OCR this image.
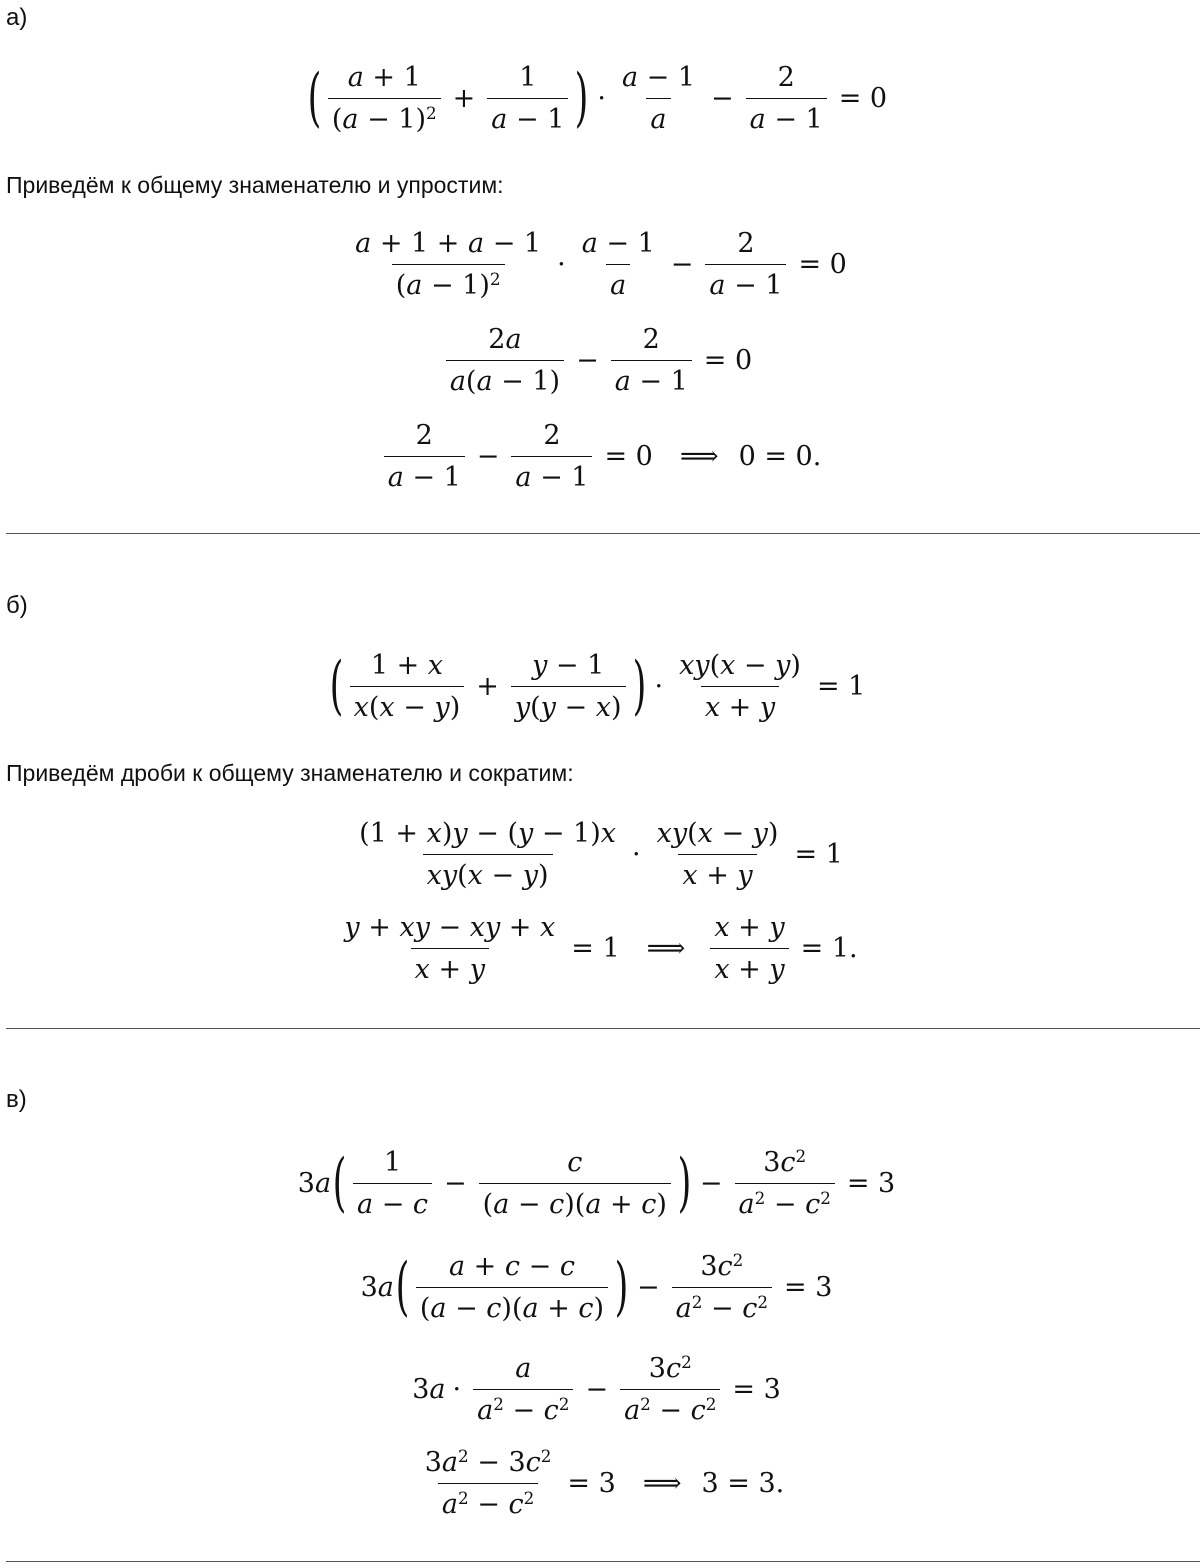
а)
( $\frac{a + 1}{(a - 1)^2} + \frac{1}{a - 1}$ ) · $\frac{a - 1}{a} - \frac{2}{a - 1} = 0$

Приведём к общему знаменателю и упростим:

$\frac{a + 1 + a - 1}{(a - 1)^2} \cdot \frac{a - 1}{a} - \frac{2}{a - 1} = 0$
$\frac{2a}{a(a - 1)} - \frac{2}{a - 1} = 0$
$\frac{2}{a - 1} - \frac{2}{a - 1} = 0$ ⟹ 0 = 0.
б)
( $\frac{1 + x}{x(x - y)} + \frac{y - 1}{y(y - x)}$ ) · $\frac{xy(x - y)}{x + y} = 1$

Приведём дроби к общему знаменателю и сократим:

$\frac{(1 + x)y - (y - 1)x}{xy(x - y)} \cdot \frac{xy(x - y)}{x + y} = 1$
$\frac{y + xy - xy + x}{x + y} = 1$ ⟹ $\frac{x + y}{x + y} = 1$.
в)
3a ( $\frac{1}{a - c} - \frac{c}{(a - c)(a + c)}$ ) − $\frac{3c^2}{a^2 - c^2} = 3$
3a ( $\frac{a + c - c}{(a - c)(a + c)}$ ) − $\frac{3c^2}{a^2 - c^2} = 3$
$3a \cdot \frac{a}{a^2 - c^2} - \frac{3c^2}{a^2 - c^2} = 3$
$\frac{3a^2 - 3c^2}{a^2 - c^2} = 3$ ⟹ 3 = 3.
